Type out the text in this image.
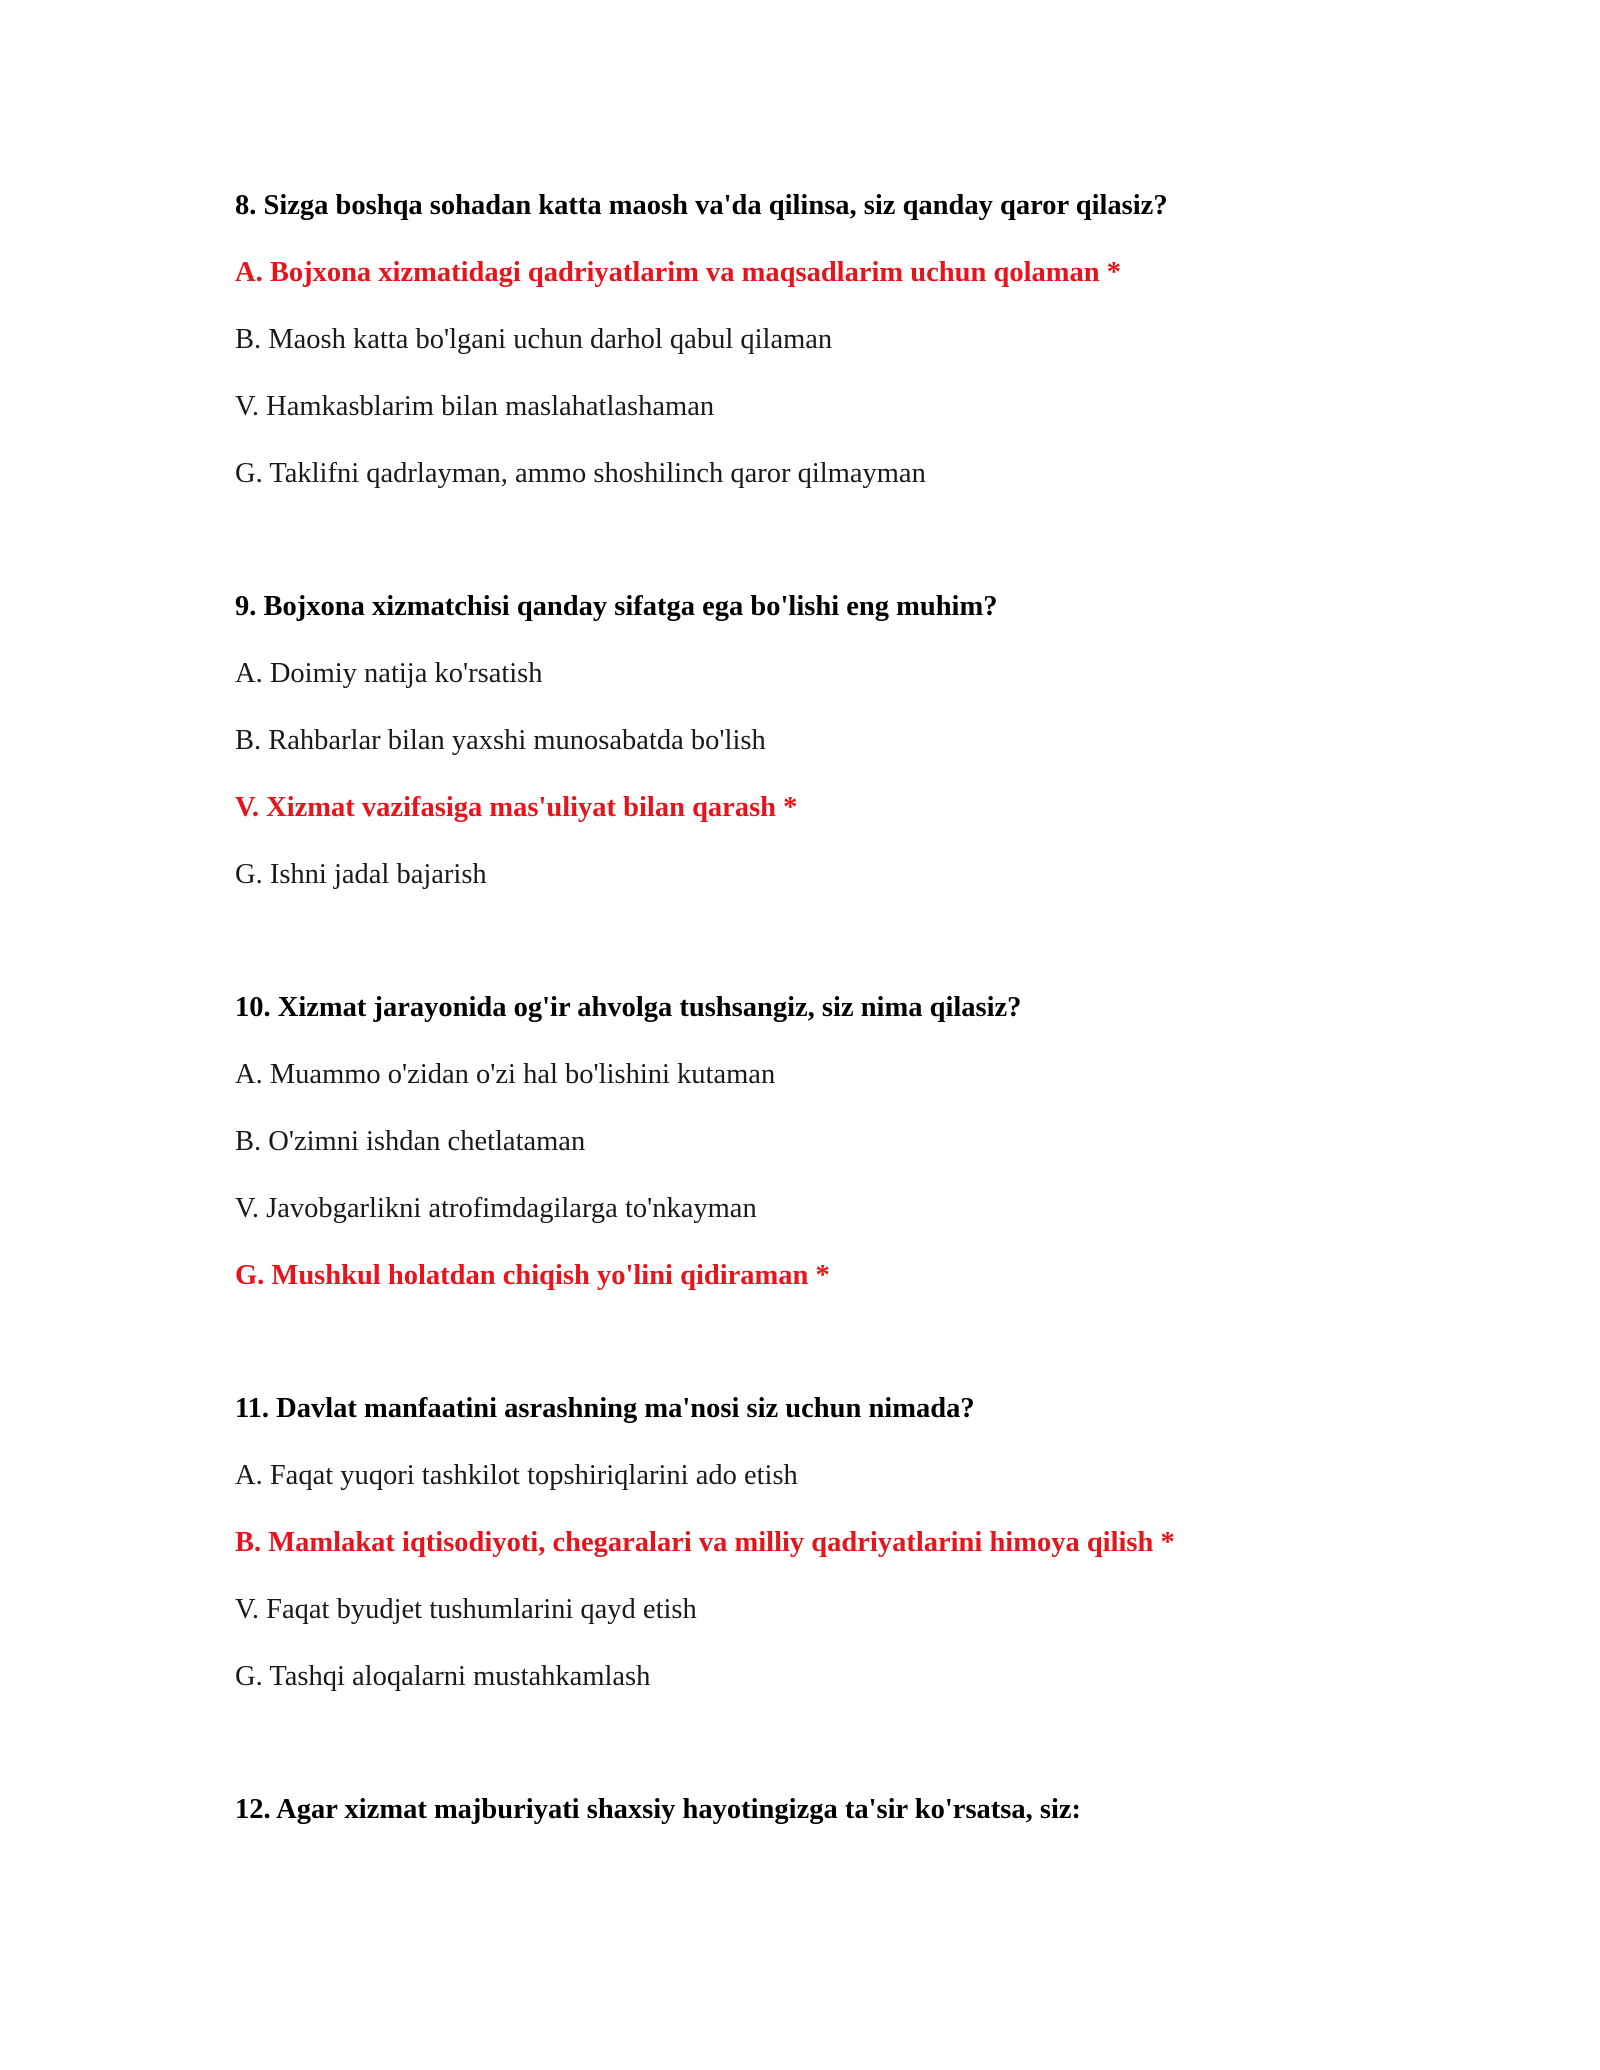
8. Sizga boshqa sohadan katta maosh va'da qilinsa, siz qanday qaror qilasiz?
A. Bojxona xizmatidagi qadriyatlarim va maqsadlarim uchun qolaman *
B. Maosh katta bo'lgani uchun darhol qabul qilaman
V. Hamkasblarim bilan maslahatlashaman
G. Taklifni qadrlayman, ammo shoshilinch qaror qilmayman
9. Bojxona xizmatchisi qanday sifatga ega bo'lishi eng muhim?
A. Doimiy natija ko'rsatish
B. Rahbarlar bilan yaxshi munosabatda bo'lish
V. Xizmat vazifasiga mas'uliyat bilan qarash *
G. Ishni jadal bajarish
10. Xizmat jarayonida og'ir ahvolga tushsangiz, siz nima qilasiz?
A. Muammo o'zidan o'zi hal bo'lishini kutaman
B. O'zimni ishdan chetlataman
V. Javobgarlikni atrofimdagilarga to'nkayman
G. Mushkul holatdan chiqish yo'lini qidiraman *
11. Davlat manfaatini asrashning ma'nosi siz uchun nimada?
A. Faqat yuqori tashkilot topshiriqlarini ado etish
B. Mamlakat iqtisodiyoti, chegaralari va milliy qadriyatlarini himoya qilish *
V. Faqat byudjet tushumlarini qayd etish
G. Tashqi aloqalarni mustahkamlash
12. Agar xizmat majburiyati shaxsiy hayotingizga ta'sir ko'rsatsa, siz:
